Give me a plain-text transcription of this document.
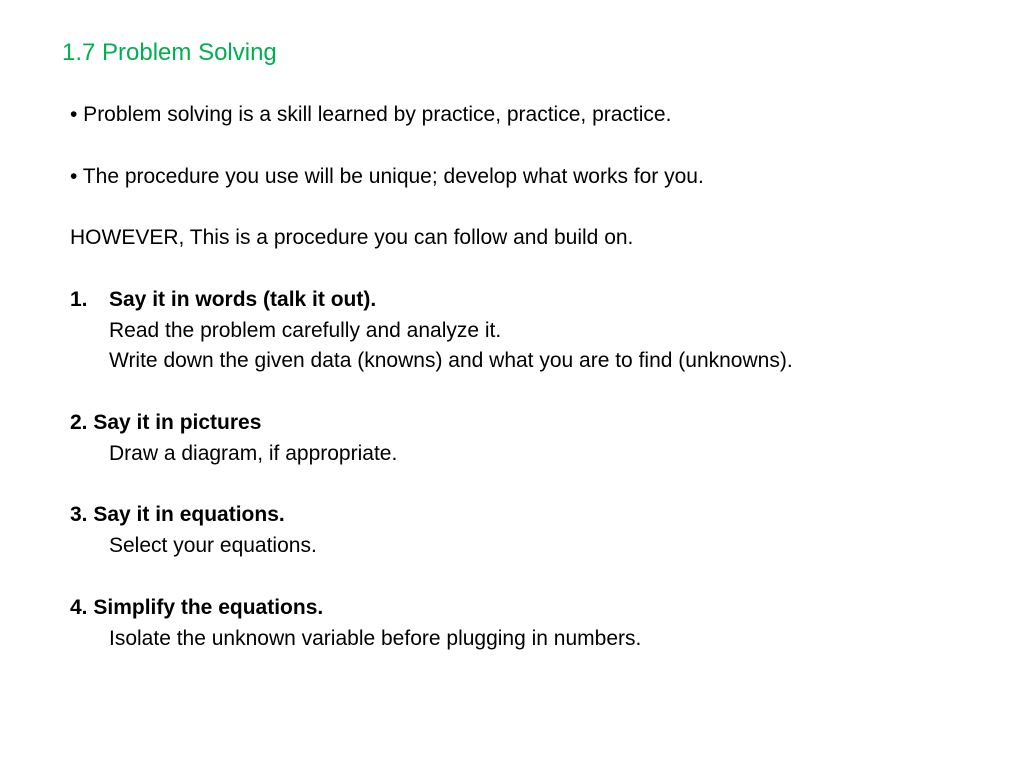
1.7 Problem Solving
• Problem solving is a skill learned by practice, practice, practice.
• The procedure you use will be unique; develop what works for you.
HOWEVER, This is a procedure you can follow and build on.
1. Say it in words (talk it out).
Read the problem carefully and analyze it.
Write down the given data (knowns) and what you are to find (unknowns).
2. Say it in pictures
Draw a diagram, if appropriate.
3. Say it in equations.
Select your equations.
4. Simplify the equations.
Isolate the unknown variable before plugging in numbers.
